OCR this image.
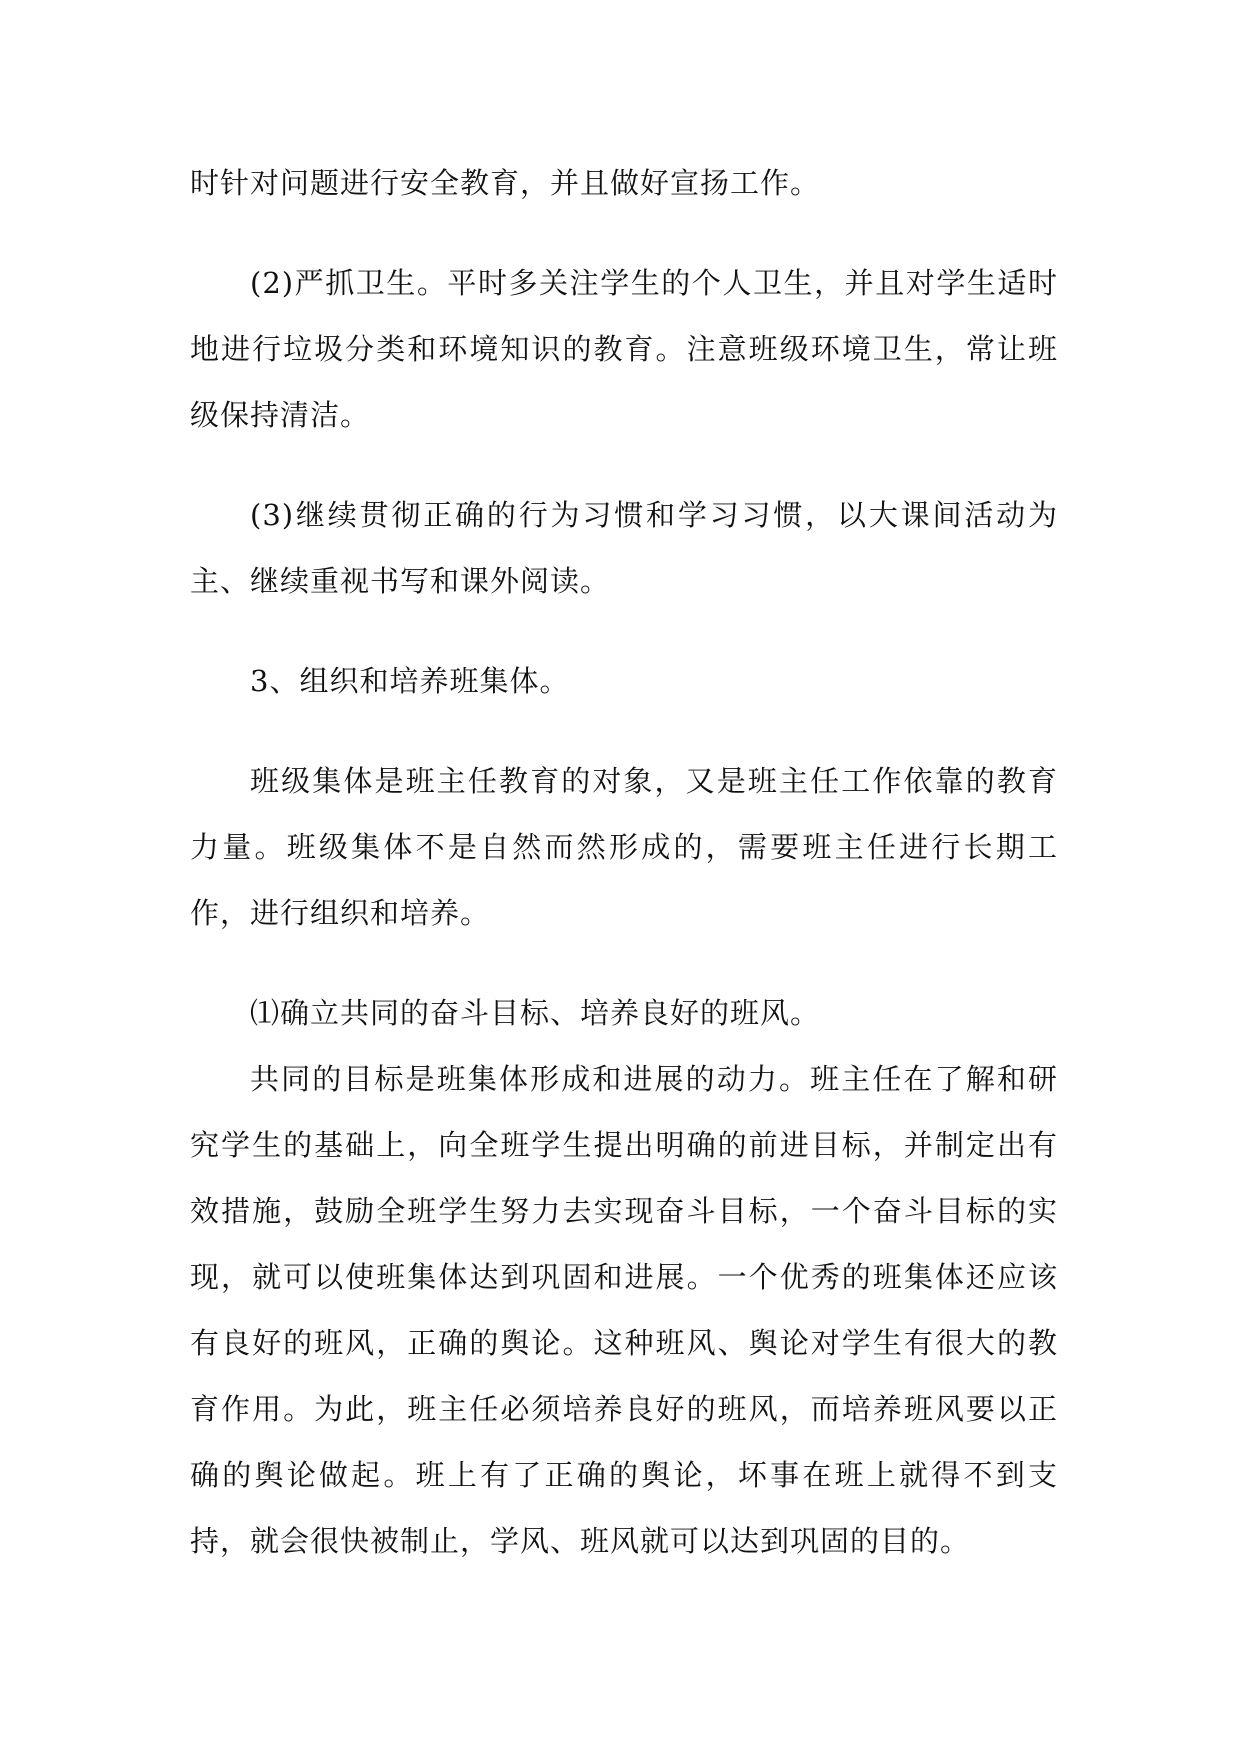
时针对问题进行安全教育，并且做好宣扬工作。

(2)严抓卫生。平时多关注学生的个人卫生，并且对学生适时地进行垃圾分类和环境知识的教育。注意班级环境卫生，常让班级保持清洁。

(3)继续贯彻正确的行为习惯和学习习惯，以大课间活动为主、继续重视书写和课外阅读。

3、组织和培养班集体。

班级集体是班主任教育的对象，又是班主任工作依靠的教育力量。班级集体不是自然而然形成的，需要班主任进行长期工作，进行组织和培养。

⑴确立共同的奋斗目标、培养良好的班风。

共同的目标是班集体形成和进展的动力。班主任在了解和研究学生的基础上，向全班学生提出明确的前进目标，并制定出有效措施，鼓励全班学生努力去实现奋斗目标，一个奋斗目标的实现，就可以使班集体达到巩固和进展。一个优秀的班集体还应该有良好的班风，正确的舆论。这种班风、舆论对学生有很大的教育作用。为此，班主任必须培养良好的班风，而培养班风要以正确的舆论做起。班上有了正确的舆论，坏事在班上就得不到支持，就会很快被制止，学风、班风就可以达到巩固的目的。
